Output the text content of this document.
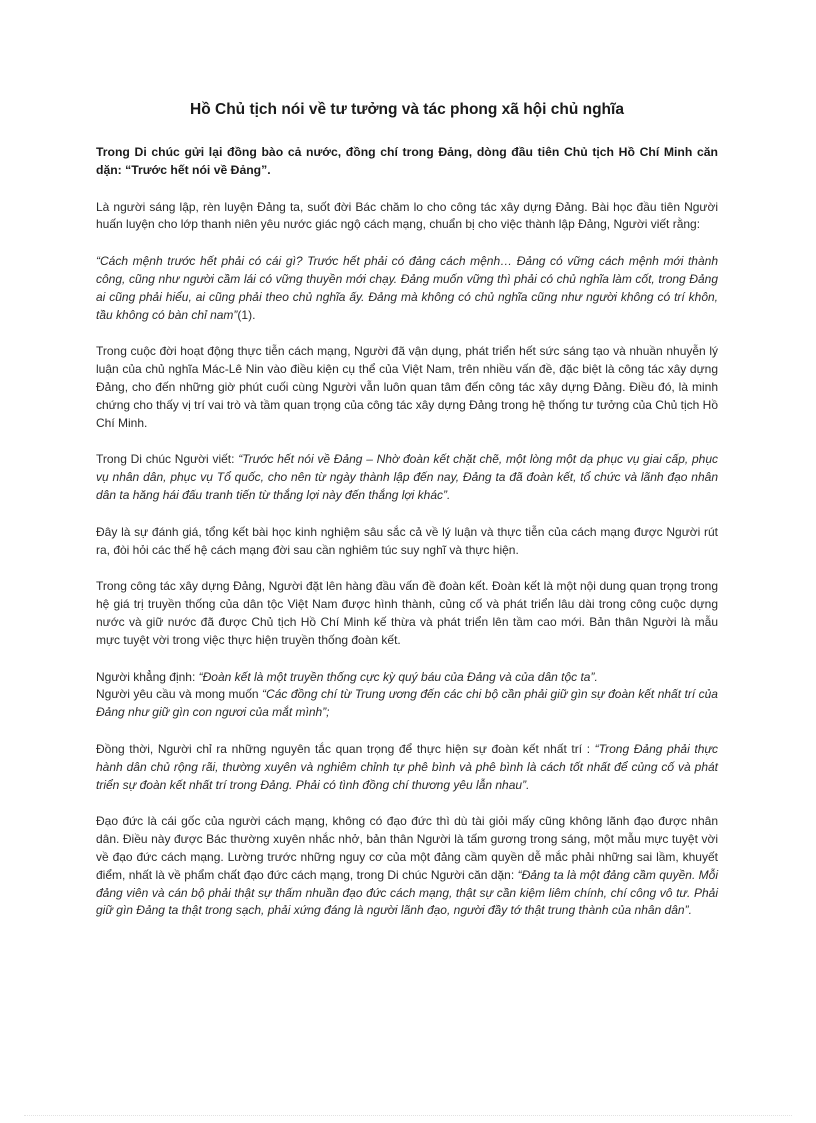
Hồ Chủ tịch nói về tư tưởng và tác phong xã hội chủ nghĩa

Trong Di chúc gửi lại đồng bào cả nước, đồng chí trong Đảng, dòng đầu tiên Chủ tịch Hồ Chí Minh căn dặn: “Trước hết nói về Đảng”.

Là người sáng lập, rèn luyện Đảng ta, suốt đời Bác chăm lo cho công tác xây dựng Đảng. Bài học đầu tiên Người huấn luyện cho lớp thanh niên yêu nước giác ngộ cách mạng, chuẩn bị cho việc thành lập Đảng, Người viết rằng:

“Cách mệnh trước hết phải có cái gì? Trước hết phải có đảng cách mệnh… Đảng có vững cách mệnh mới thành công, cũng như người cầm lái có vững thuyền mới chạy. Đảng muốn vững thì phải có chủ nghĩa làm cốt, trong Đảng ai cũng phải hiểu, ai cũng phải theo chủ nghĩa ấy. Đảng mà không có chủ nghĩa cũng như người không có trí khôn, tầu không có bàn chỉ nam”(1).

Trong cuộc đời hoạt động thực tiễn cách mạng, Người đã vận dụng, phát triển hết sức sáng tạo và nhuần nhuyễn lý luận của chủ nghĩa Mác-Lê Nin vào điều kiện cụ thể của Việt Nam, trên nhiều vấn đề, đặc biệt là công tác xây dựng Đảng, cho đến những giờ phút cuối cùng Người vẫn luôn quan tâm đến công tác xây dựng Đảng. Điều đó, là minh chứng cho thấy vị trí vai trò và tầm quan trọng của công tác xây dựng Đảng trong hệ thống tư tưởng của Chủ tịch Hồ Chí Minh.

Trong Di chúc Người viết: “Trước hết nói về Đảng – Nhờ đoàn kết chặt chẽ, một lòng một dạ phục vụ giai cấp, phục vụ nhân dân, phục vụ Tổ quốc, cho nên từ ngày thành lập đến nay, Đảng ta đã đoàn kết, tổ chức và lãnh đạo nhân dân ta hăng hái đấu tranh tiến từ thắng lợi này đến thắng lợi khác”.

Đây là sự đánh giá, tổng kết bài học kinh nghiệm sâu sắc cả về lý luận và thực tiễn của cách mạng được Người rút ra, đòi hỏi các thế hệ cách mạng đời sau cần nghiêm túc suy nghĩ và thực hiện.

Trong công tác xây dựng Đảng, Người đặt lên hàng đầu vấn đề đoàn kết. Đoàn kết là một nội dung quan trọng trong hệ giá trị truyền thống của dân tộc Việt Nam được hình thành, củng cố và phát triển lâu dài trong công cuộc dựng nước và giữ nước đã được Chủ tịch Hồ Chí Minh kế thừa và phát triển lên tầm cao mới. Bản thân Người là mẫu mực tuyệt vời trong việc thực hiện truyền thống đoàn kết.

Người khẳng định: “Đoàn kết là một truyền thống cực kỳ quý báu của Đảng và của dân tộc ta”.

Người yêu cầu và mong muốn “Các đồng chí từ Trung ương đến các chi bộ cần phải giữ gìn sự đoàn kết nhất trí của Đảng như giữ gìn con ngươi của mắt mình”;

Đồng thời, Người chỉ ra những nguyên tắc quan trọng để thực hiện sự đoàn kết nhất trí : “Trong Đảng phải thực hành dân chủ rộng rãi, thường xuyên và nghiêm chỉnh tự phê bình và phê bình là cách tốt nhất để củng cố và phát triển sự đoàn kết nhất trí trong Đảng. Phải có tình đồng chí thương yêu lẫn nhau”.

Đạo đức là cái gốc của người cách mạng, không có đạo đức thì dù tài giỏi mấy cũng không lãnh đạo được nhân dân. Điều này được Bác thường xuyên nhắc nhở, bản thân Người là tấm gương trong sáng, một mẫu mực tuyệt vời về đạo đức cách mạng. Lường trước những nguy cơ của một đảng cầm quyền dễ mắc phải những sai lầm, khuyết điểm, nhất là về phẩm chất đạo đức cách mạng, trong Di chúc Người căn dặn: “Đảng ta là một đảng cầm quyền. Mỗi đảng viên và cán bộ phải thật sự thấm nhuần đạo đức cách mạng, thật sự cần kiệm liêm chính, chí công vô tư. Phải giữ gìn Đảng ta thật trong sạch, phải xứng đáng là người lãnh đạo, người đầy tớ thật trung thành của nhân dân”.
